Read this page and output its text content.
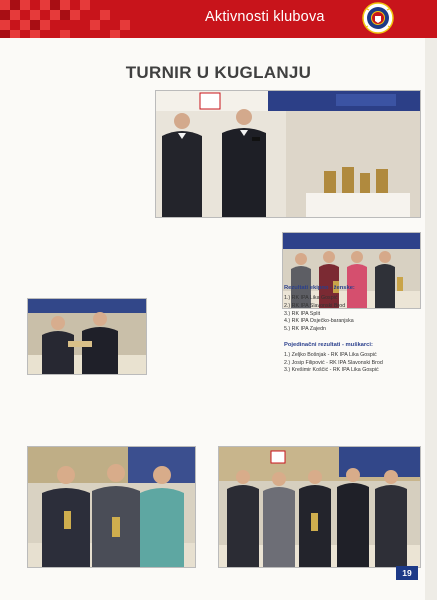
Aktivnosti klubova
TURNIR U KUGLANJU
Rezultati ekipno - ženske:
1.) RK IPA Lika Gospić
2.) RK IPA Slavonski Brod
3.) RK IPA Split
4.) RK IPA Osječko-baranjska
5.) RK IPA Zajedn
Pojedinačni rezultati - muškarci:
1.) Željko Bošnjak - RK IPA Lika Gospić
2.) Josip Filipović - RK IPA Slavonski Brod
3.) Krešimir Koščić - RK IPA Lika Gospić
19
